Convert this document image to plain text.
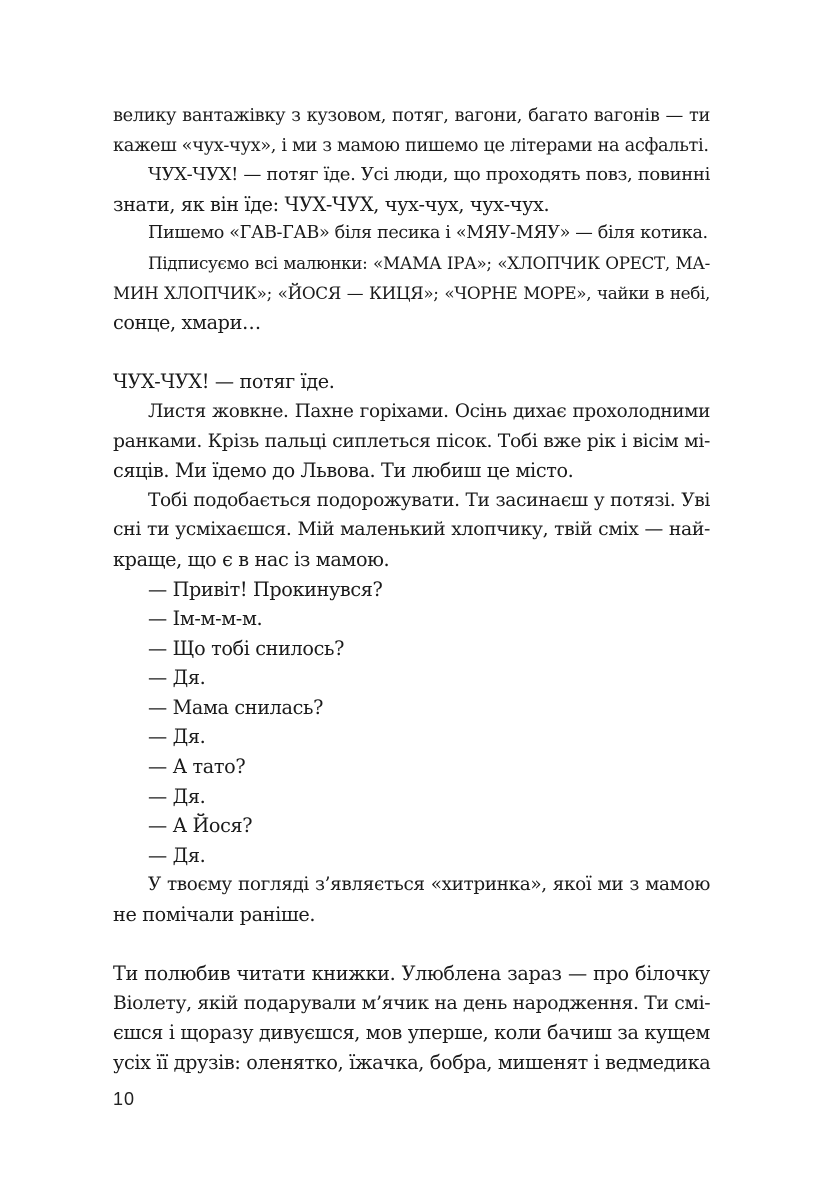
велику вантажівку з кузовом, потяг, вагони, багато вагонів — ти
кажеш «чух-чух», і ми з мамою пишемо це літерами на асфальті.
ЧУХ-ЧУХ! — потяг їде. Усі люди, що проходять повз, повинні
знати, як він їде: ЧУХ-ЧУХ, чух-чух, чух-чух.
Пишемо «ГАВ-ГАВ» біля песика і «МЯУ-МЯУ» — біля котика.
Підписуємо всі малюнки: «МАМА ІРА»; «ХЛОПЧИК ОРЕСТ, МА-
МИН ХЛОПЧИК»; «ЙОСЯ — КИЦЯ»; «ЧОРНЕ МОРЕ», чайки в небі,
сонце, хмари…
ЧУХ-ЧУХ! — потяг їде.
Листя жовкне. Пахне горіхами. Осінь дихає прохолодними
ранками. Крізь пальці сиплеться пісок. Тобі вже рік і вісім мі-
сяців. Ми їдемо до Львова. Ти любиш це місто.
Тобі подобається подорожувати. Ти засинаєш у потязі. Уві
сні ти усміхаєшся. Мій маленький хлопчику, твій сміх — най-
краще, що є в нас із мамою.
— Привіт! Прокинувся?
— Ім-м-м-м.
— Що тобі снилось?
— Дя.
— Мама снилась?
— Дя.
— А тато?
— Дя.
— А Йося?
— Дя.
У твоєму погляді з’являється «хитринка», якої ми з мамою
не помічали раніше.
Ти полюбив читати книжки. Улюблена зараз — про білочку
Віолету, якій подарували м’ячик на день народження. Ти смі-
єшся і щоразу дивуєшся, мов уперше, коли бачиш за кущем
усіх її друзів: оленятко, їжачка, бобра, мишенят і ведмедика
10
